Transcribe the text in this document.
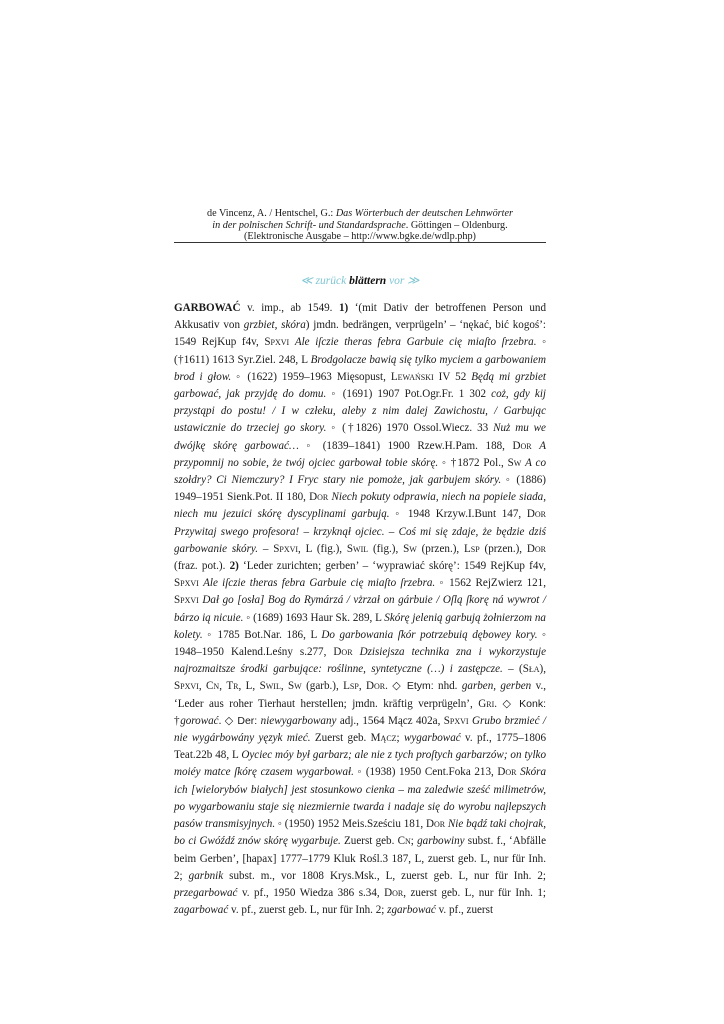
de Vincenz, A. / Hentschel, G.: Das Wörterbuch der deutschen Lehnwörter
in der polnischen Schrift- und Standardsprache. Göttingen – Oldenburg.
(Elektronische Ausgabe – http://www.bgke.de/wdlp.php)
≪ zurück blättern vor ≫

GARBOWAĆ v. imp., ab 1549. 1) ‘(mit Dativ der betroffenen Person und Akkusativ von grzbiet, skóra) jmdn. bedrängen, verprügeln’ – ‘nękać, bić kogoś’: 1549 RejKup f4v, Spxvi Ale iſczie theras febra Garbuie cię miaſto ſrzebra. ◦ (†1611) 1613 Syr.Ziel. 248, L Brodgolacze bawią się tylko myciem a garbowaniem brod i głow. ◦ (1622) 1959–1963 Mięsopust, Lewański IV 52 Będą mi grzbiet garbować, jak przyjdę do domu. ◦ (1691) 1907 Pot.Ogr.Fr. 1 302 coż, gdy kij przystąpi do postu! / I w człeku, aleby z nim dalej Zawichostu, / Garbując ustawicznie do trzeciej go skory. ◦ (†1826) 1970 Ossol.Wiecz. 33 Nuż mu we dwójkę skórę garbować… ◦ (1839–1841) 1900 Rzew.H.Pam. 188, Dor A przypomnij no sobie, że twój ojciec garbował tobie skórę. ◦ †1872 Pol., Sw A co szołdry? Ci Niemczury? I Fryc stary nie pomoże, jak garbujem skóry. ◦ (1886) 1949–1951 Sienk.Pot. II 180, Dor Niech pokuty odprawia, niech na popiele siada, niech mu jezuici skórę dyscyplinami garbują. ◦ 1948 Krzyw.I.Bunt 147, Dor Przywitaj swego profesora! – krzyknął ojciec. – Coś mi się zdaje, że będzie dziś garbowanie skóry. – Spxvi, L (fig.), Swil (fig.), Sw (przen.), Lsp (przen.), Dor (fraz. pot.). 2) ‘Leder zurichten; gerben’ – ‘wyprawiać skórę’: 1549 RejKup f4v, Spxvi Ale iſczie theras febra Garbuie cię miaſto ſrzebra. ◦ 1562 RejZwierz 121, Spxvi Dał go [osła] Bog do Rymárzá / vżrzał on gárbuie / Oſlą ſkorę ná wywrot / bárzo ią nicuie. ◦ (1689) 1693 Haur Sk. 289, L Skórę jelenią garbują żołnierzom na kolety. ◦ 1785 Bot.Nar. 186, L Do garbowania ſkór potrzebuią dębowey kory. ◦ 1948–1950 Kalend.Leśny s.277, Dor Dzisiejsza technika zna i wykorzystuje najrozmaitsze środki garbujące: roślinne, syntetyczne (…) i zastępcze. – (Sła), Spxvi, Cn, Tr, L, Swil, Sw (garb.), Lsp, Dor. ◇ Etym: nhd. garben, gerben v., ‘Leder aus roher Tierhaut herstellen; jmdn. kräftig verprügeln’, Gri. ◇ Konk: †gorować. ◇ Der: niewygarbowany adj., 1564 Mącz 402a, Spxvi Grubo brzmieć / nie wygárbowány yęzyk mieć. Zuerst geb. Mącz; wygarbować v. pf., 1775–1806 Teat.22b 48, L Oyciec móy był garbarz; ale nie z tych proſtych garbarzów; on tylko moiéy matce ſkórę czasem wygarbował. ◦ (1938) 1950 Cent.Foka 213, Dor Skóra ich [wielorybów białych] jest stosunkowo cienka – ma zaledwie sześć milimetrów, po wygarbowaniu staje się niezmiernie twarda i nadaje się do wyrobu najlepszych pasów transmisyjnych. ◦ (1950) 1952 Meis.Sześciu 181, Dor Nie bądź taki chojrak, bo ci Gwóźdź znów skórę wygarbuje. Zuerst geb. Cn; garbowiny subst. f., ‘Abfälle beim Gerben’, [hapax] 1777–1779 Kluk Rośl.3 187, L, zuerst geb. L, nur für Inh. 2; garbnik subst. m., vor 1808 Krys.Msk., L, zuerst geb. L, nur für Inh. 2; przegarbować v. pf., 1950 Wiedza 386 s.34, Dor, zuerst geb. L, nur für Inh. 1; zagarbować v. pf., zuerst geb. L, nur für Inh. 2; zgarbować v. pf., zuerst
